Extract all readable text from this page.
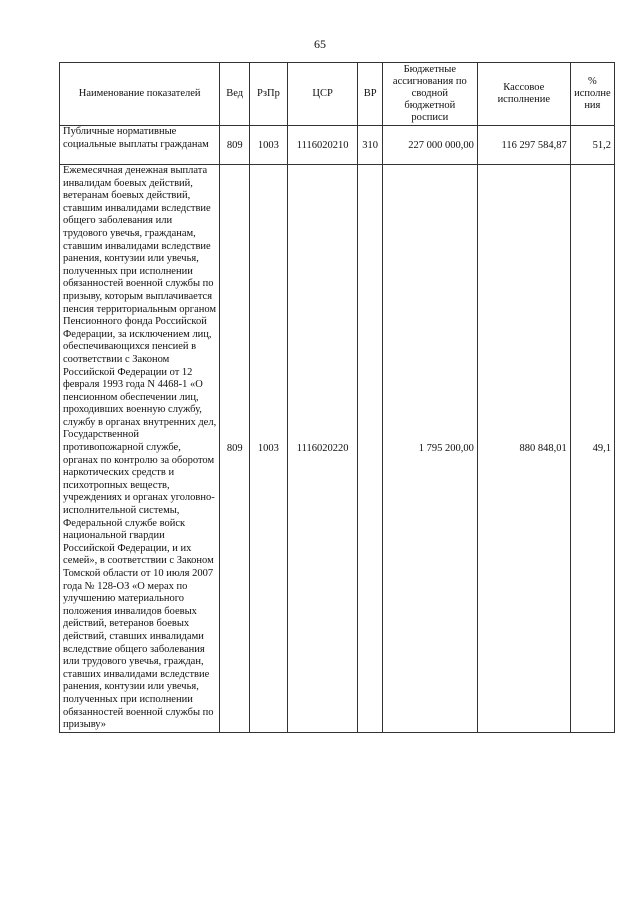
65
Наименование показателей	Вед	РзПр	ЦСР	ВР	Бюджетные ассигнования по сводной бюджетной росписи	Кассовое исполнение	% исполне ния
Публичные нормативные социальные выплаты гражданам	809	1003	1116020210	310	227 000 000,00	116 297 584,87	51,2
Ежемесячная денежная выплата инвалидам боевых действий, ветеранам боевых действий, ставшим инвалидами вследствие общего заболевания или трудового увечья, гражданам, ставшим инвалидами вследствие ранения, контузии или увечья, полученных при исполнении обязанностей военной службы по призыву, которым выплачивается пенсия территориальным органом Пенсионного фонда Российской Федерации, за исключением лиц, обеспечивающихся пенсией в соответствии с Законом Российской Федерации от 12 февраля 1993 года N 4468-1 «О пенсионном обеспечении лиц, проходивших военную службу, службу в органах внутренних дел, Государственной противопожарной службе, органах по контролю за оборотом наркотических средств и психотропных веществ, учреждениях и органах уголовно-исполнительной системы, Федеральной службе войск национальной гвардии Российской Федерации, и их семей», в соответствии с Законом Томской области от 10 июля 2007 года № 128-ОЗ «О мерах по улучшению материального положения инвалидов боевых действий, ветеранов боевых действий, ставших инвалидами вследствие общего заболевания или трудового увечья, граждан, ставших инвалидами вследствие ранения, контузии или увечья, полученных при исполнении обязанностей военной службы по призыву»	809	1003	1116020220		1 795 200,00	880 848,01	49,1
